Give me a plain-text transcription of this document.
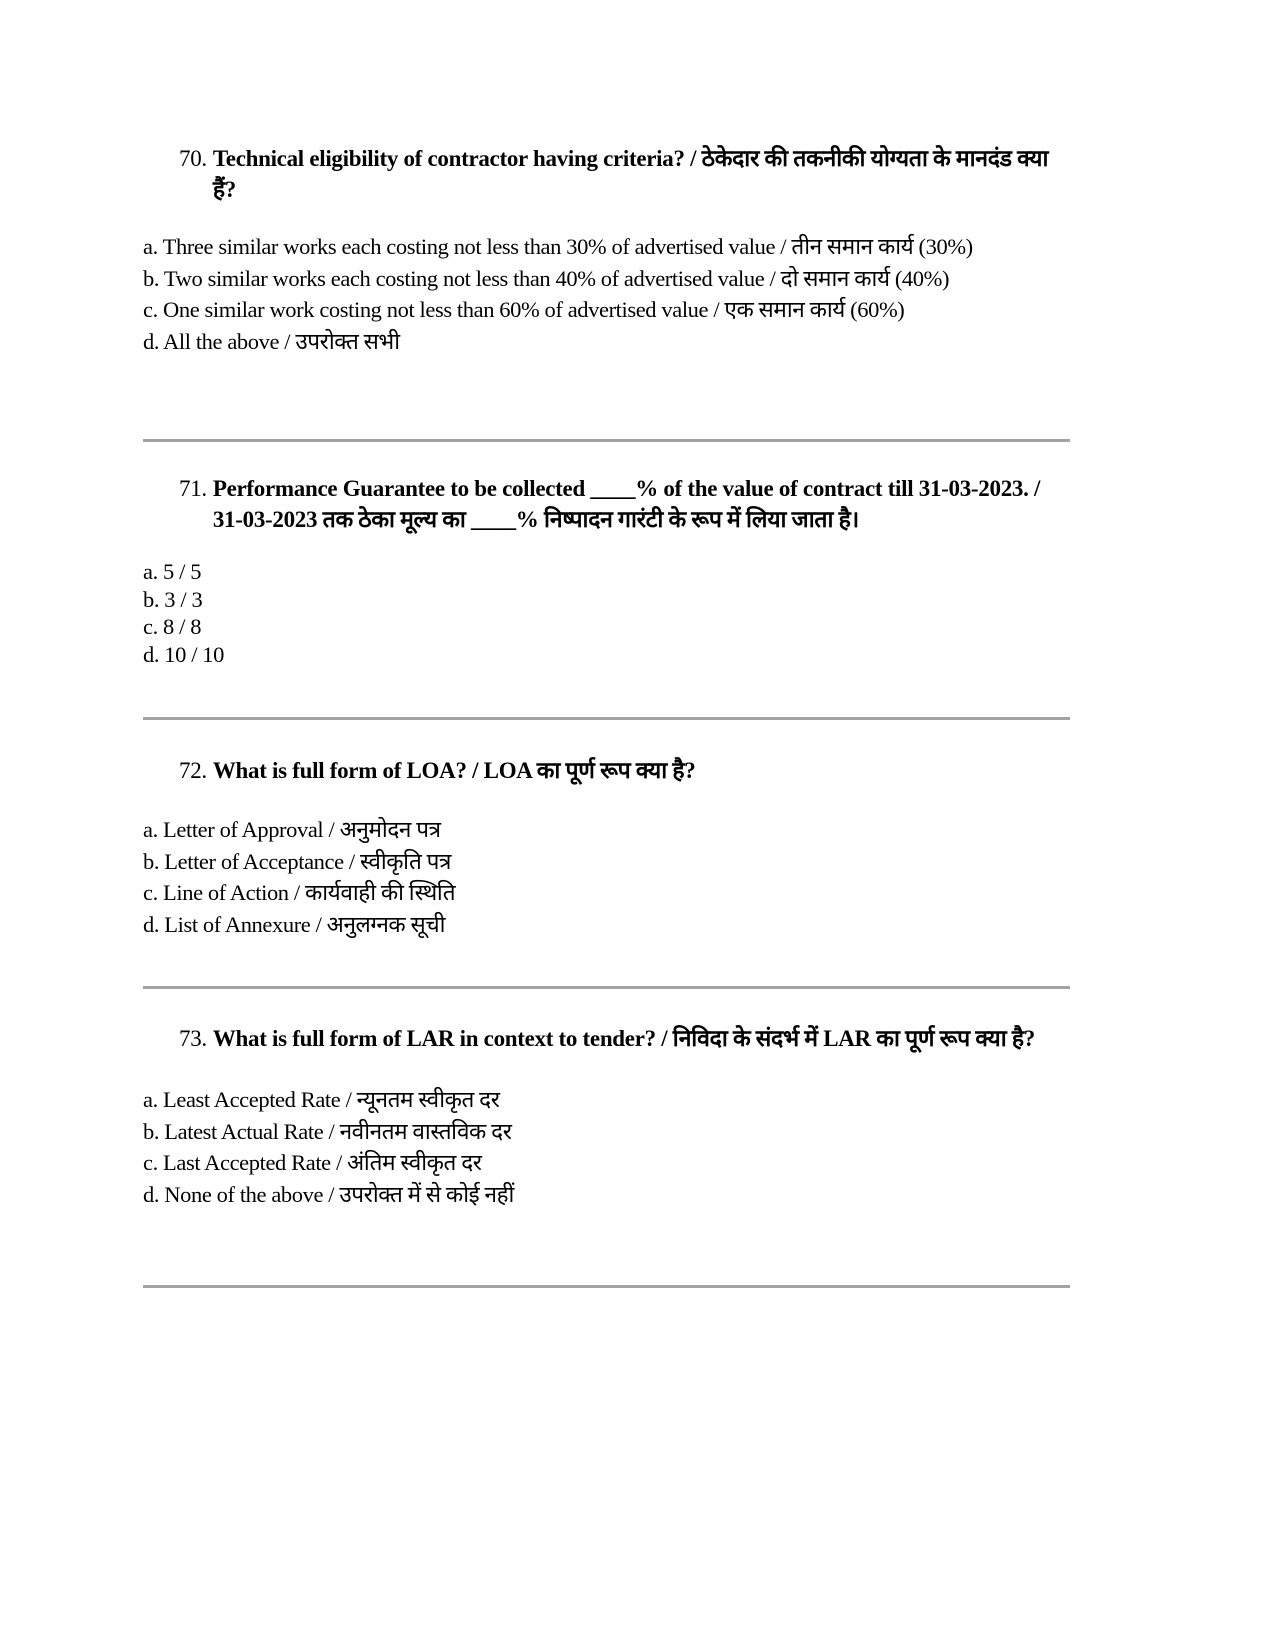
70. Technical eligibility of contractor having criteria? / ठेकेदार की तकनीकी योग्यता के मानदंड क्या हैं?
a. Three similar works each costing not less than 30% of advertised value / तीन समान कार्य (30%)
b. Two similar works each costing not less than 40% of advertised value / दो समान कार्य (40%)
c. One similar work costing not less than 60% of advertised value / एक समान कार्य (60%)
d. All the above / उपरोक्त सभी
71. Performance Guarantee to be collected ____% of the value of contract till 31-03-2023. / 31-03-2023 तक ठेका मूल्य का ____% निष्पादन गारंटी के रूप में लिया जाता है।
a. 5 / 5
b. 3 / 3
c. 8 / 8
d. 10 / 10
72. What is full form of LOA? / LOA का पूर्ण रूप क्या है?
a. Letter of Approval / अनुमोदन पत्र
b. Letter of Acceptance / स्वीकृति पत्र
c. Line of Action / कार्यवाही की स्थिति
d. List of Annexure / अनुलग्नक सूची
73. What is full form of LAR in context to tender? / निविदा के संदर्भ में LAR का पूर्ण रूप क्या है?
a. Least Accepted Rate / न्यूनतम स्वीकृत दर
b. Latest Actual Rate / नवीनतम वास्तविक दर
c. Last Accepted Rate / अंतिम स्वीकृत दर
d. None of the above / उपरोक्त में से कोई नहीं
